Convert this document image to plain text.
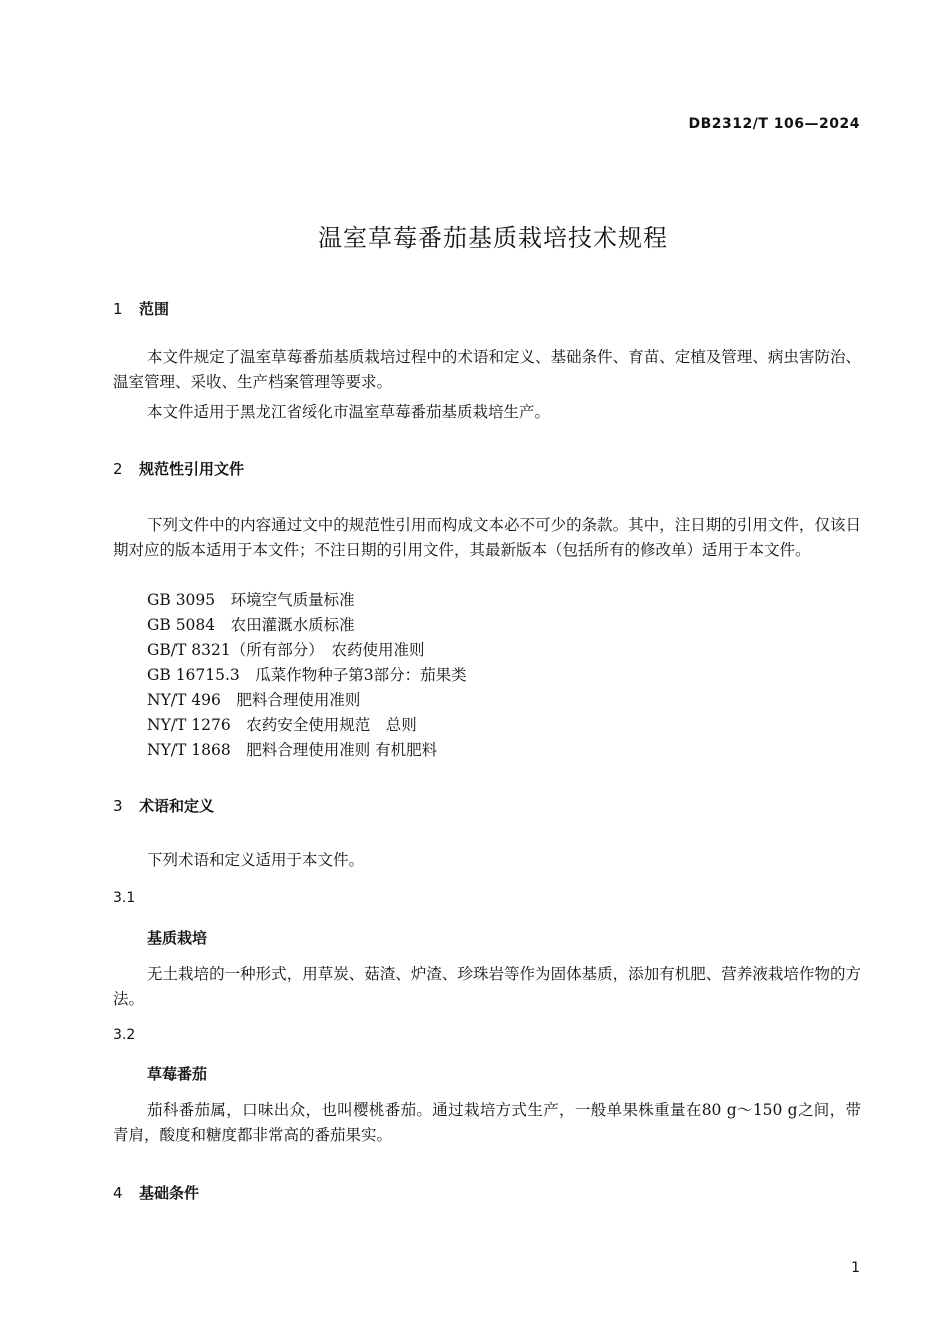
DB2312/T 106—2024
温室草莓番茄基质栽培技术规程
1 范围
本文件规定了温室草莓番茄基质栽培过程中的术语和定义、基础条件、育苗、定植及管理、病虫害防治、温室管理、采收、生产档案管理等要求。
本文件适用于黑龙江省绥化市温室草莓番茄基质栽培生产。
2 规范性引用文件
下列文件中的内容通过文中的规范性引用而构成文本必不可少的条款。其中，注日期的引用文件，仅该日期对应的版本适用于本文件；不注日期的引用文件，其最新版本（包括所有的修改单）适用于本文件。
GB 3095　环境空气质量标准
GB 5084　农田灌溉水质标准
GB/T 8321（所有部分）　农药使用准则
GB 16715.3　瓜菜作物种子第3部分：茄果类
NY/T 496　肥料合理使用准则
NY/T 1276　农药安全使用规范　总则
NY/T 1868　肥料合理使用准则 有机肥料
3 术语和定义
下列术语和定义适用于本文件。
3.1
基质栽培
无土栽培的一种形式，用草炭、菇渣、炉渣、珍珠岩等作为固体基质，添加有机肥、营养液栽培作物的方法。
3.2
草莓番茄
茄科番茄属，口味出众，也叫樱桃番茄。通过栽培方式生产，一般单果株重量在80 g～150 g之间，带青肩，酸度和糖度都非常高的番茄果实。
4 基础条件
1
